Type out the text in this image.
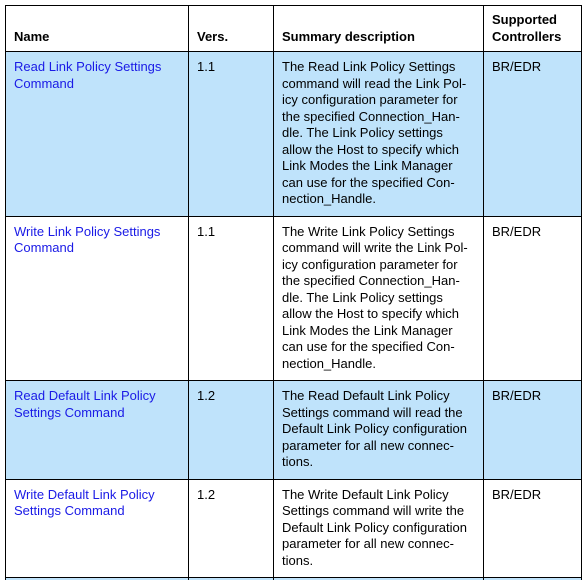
Name	Vers.	Summary description	Supported
Controllers
Read Link Policy Settings Command	1.1	The Read Link Policy Settings command will read the Link Pol-icy configuration parameter for the specified Connection_Han-dle. The Link Policy settings allow the Host to specify which Link Modes the Link Manager can use for the specified Con-nection_Handle.	BR/EDR
Write Link Policy Settings Command	1.1	The Write Link Policy Settings command will write the Link Pol-icy configuration parameter for the specified Connection_Han-dle. The Link Policy settings allow the Host to specify which Link Modes the Link Manager can use for the specified Con-nection_Handle.	BR/EDR
Read Default Link Policy Settings Command	1.2	The Read Default Link Policy Settings command will read the Default Link Policy configuration parameter for all new connec-tions.	BR/EDR
Write Default Link Policy Settings Command	1.2	The Write Default Link Policy Settings command will write the Default Link Policy configuration parameter for all new connec-tions.	BR/EDR
